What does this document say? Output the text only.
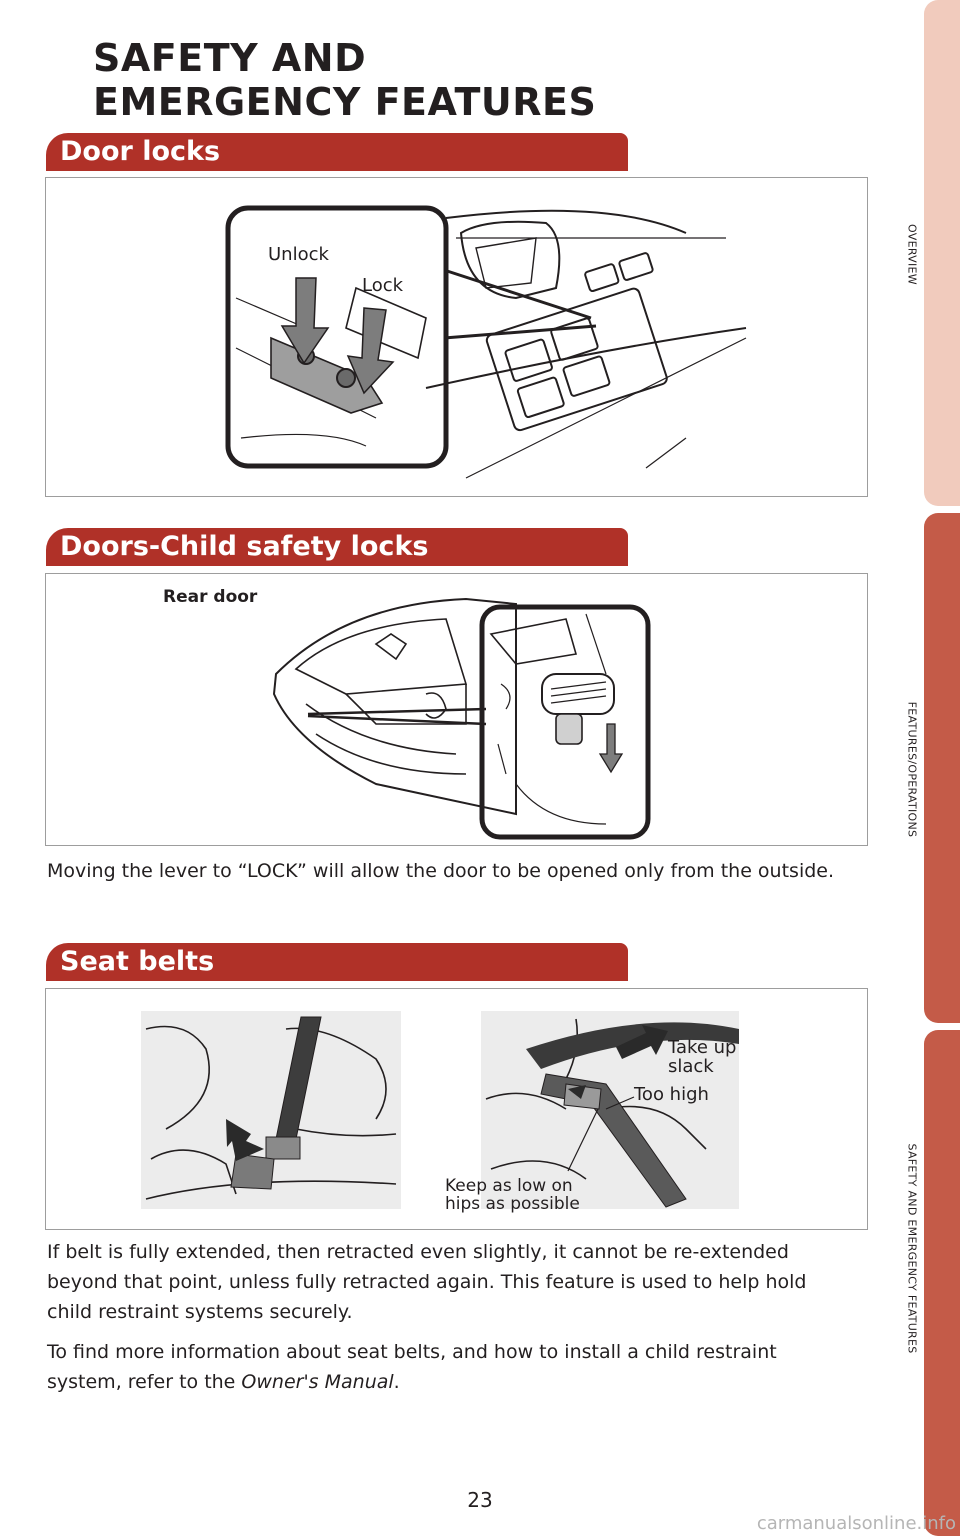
SAFETY AND
EMERGENCY FEATURES
Door locks
Unlock
Lock
Doors-Child safety locks
Rear door

Moving the lever to “LOCK” will allow the door to be opened only from the outside.

Seat belts
Take up
slack
Too high
Keep as low on
hips as possible

If belt is fully extended, then retracted even slightly, it cannot be re-extended beyond that point, unless fully retracted again. This feature is used to help hold child restraint systems securely.

To find more information about seat belts, and how to install a child restraint system, refer to the Owner's Manual.

OVERVIEW
FEATURES/OPERATIONS
SAFETY AND EMERGENCY FEATURES
23
carmanualsonline.info
